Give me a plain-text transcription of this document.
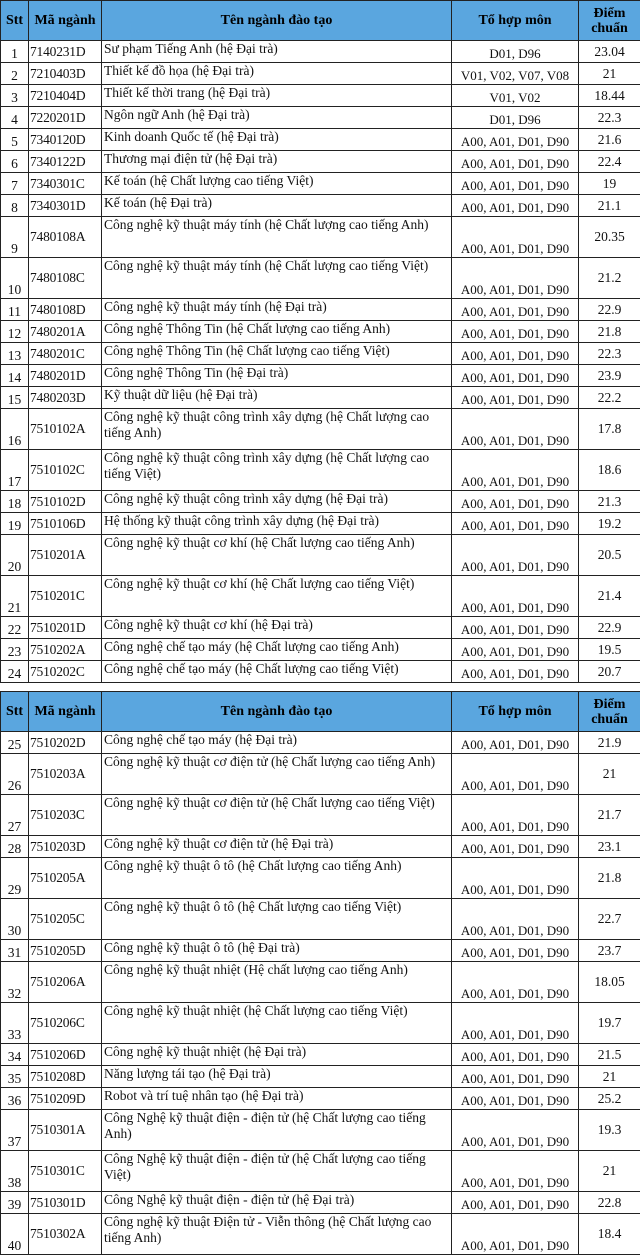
Stt	Mã ngành	Tên ngành đào tạo	Tổ hợp môn	Điểm chuẩn
1	7140231D	Sư phạm Tiếng Anh (hệ Đại trà)	D01, D96	23.04
2	7210403D	Thiết kế đồ họa (hệ Đại trà)	V01, V02, V07, V08	21
3	7210404D	Thiết kế thời trang (hệ Đại trà)	V01, V02	18.44
4	7220201D	Ngôn ngữ Anh (hệ Đại trà)	D01, D96	22.3
5	7340120D	Kinh doanh Quốc tế (hệ Đại trà)	A00, A01, D01, D90	21.6
6	7340122D	Thương mại điện tử (hệ Đại trà)	A00, A01, D01, D90	22.4
7	7340301C	Kế toán (hệ Chất lượng cao tiếng Việt)	A00, A01, D01, D90	19
8	7340301D	Kế toán (hệ Đại trà)	A00, A01, D01, D90	21.1
9	7480108A	Công nghệ kỹ thuật máy tính (hệ Chất lượng cao tiếng Anh)	A00, A01, D01, D90	20.35
10	7480108C	Công nghệ kỹ thuật máy tính (hệ Chất lượng cao tiếng Việt)	A00, A01, D01, D90	21.2
11	7480108D	Công nghệ kỹ thuật máy tính (hệ Đại trà)	A00, A01, D01, D90	22.9
12	7480201A	Công nghệ Thông Tin (hệ Chất lượng cao tiếng Anh)	A00, A01, D01, D90	21.8
13	7480201C	Công nghệ Thông Tin (hệ Chất lượng cao tiếng Việt)	A00, A01, D01, D90	22.3
14	7480201D	Công nghệ Thông Tin (hệ Đại trà)	A00, A01, D01, D90	23.9
15	7480203D	Kỹ thuật dữ liệu (hệ Đại trà)	A00, A01, D01, D90	22.2
16	7510102A	Công nghệ kỹ thuật công trình xây dựng (hệ Chất lượng cao tiếng Anh)	A00, A01, D01, D90	17.8
17	7510102C	Công nghệ kỹ thuật công trình xây dựng (hệ Chất lượng cao tiếng Việt)	A00, A01, D01, D90	18.6
18	7510102D	Công nghệ kỹ thuật công trình xây dựng (hệ Đại trà)	A00, A01, D01, D90	21.3
19	7510106D	Hệ thống kỹ thuật công trình xây dựng (hệ Đại trà)	A00, A01, D01, D90	19.2
20	7510201A	Công nghệ kỹ thuật cơ khí (hệ Chất lượng cao tiếng Anh)	A00, A01, D01, D90	20.5
21	7510201C	Công nghệ kỹ thuật cơ khí (hệ Chất lượng cao tiếng Việt)	A00, A01, D01, D90	21.4
22	7510201D	Công nghệ kỹ thuật cơ khí (hệ Đại trà)	A00, A01, D01, D90	22.9
23	7510202A	Công nghệ chế tạo máy (hệ Chất lượng cao tiếng Anh)	A00, A01, D01, D90	19.5
24	7510202C	Công nghệ chế tạo máy (hệ Chất lượng cao tiếng Việt)	A00, A01, D01, D90	20.7
Stt	Mã ngành	Tên ngành đào tạo	Tổ hợp môn	Điểm chuẩn
25	7510202D	Công nghệ chế tạo máy (hệ Đại trà)	A00, A01, D01, D90	21.9
26	7510203A	Công nghệ kỹ thuật cơ điện tử (hệ Chất lượng cao tiếng Anh)	A00, A01, D01, D90	21
27	7510203C	Công nghệ kỹ thuật cơ điện tử (hệ Chất lượng cao tiếng Việt)	A00, A01, D01, D90	21.7
28	7510203D	Công nghệ kỹ thuật cơ điện tử (hệ Đại trà)	A00, A01, D01, D90	23.1
29	7510205A	Công nghệ kỹ thuật ô tô (hệ Chất lượng cao tiếng Anh)	A00, A01, D01, D90	21.8
30	7510205C	Công nghệ kỹ thuật ô tô (hệ Chất lượng cao tiếng Việt)	A00, A01, D01, D90	22.7
31	7510205D	Công nghệ kỹ thuật ô tô (hệ Đại trà)	A00, A01, D01, D90	23.7
32	7510206A	Công nghệ kỹ thuật nhiệt (Hệ chất lượng cao tiếng Anh)	A00, A01, D01, D90	18.05
33	7510206C	Công nghệ kỹ thuật nhiệt (hệ Chất lượng cao tiếng Việt)	A00, A01, D01, D90	19.7
34	7510206D	Công nghệ kỹ thuật nhiệt (hệ Đại trà)	A00, A01, D01, D90	21.5
35	7510208D	Năng lượng tái tạo (hệ Đại trà)	A00, A01, D01, D90	21
36	7510209D	Robot và trí tuệ nhân tạo (hệ Đại trà)	A00, A01, D01, D90	25.2
37	7510301A	Công Nghệ kỹ thuật điện - điện tử (hệ Chất lượng cao tiếng Anh)	A00, A01, D01, D90	19.3
38	7510301C	Công Nghệ kỹ thuật điện - điện tử (hệ Chất lượng cao tiếng Việt)	A00, A01, D01, D90	21
39	7510301D	Công Nghệ kỹ thuật điện - điện tử (hệ Đại trà)	A00, A01, D01, D90	22.8
40	7510302A	Công nghệ kỹ thuật Điện tử - Viễn thông (hệ Chất lượng cao tiếng Anh)	A00, A01, D01, D90	18.4
